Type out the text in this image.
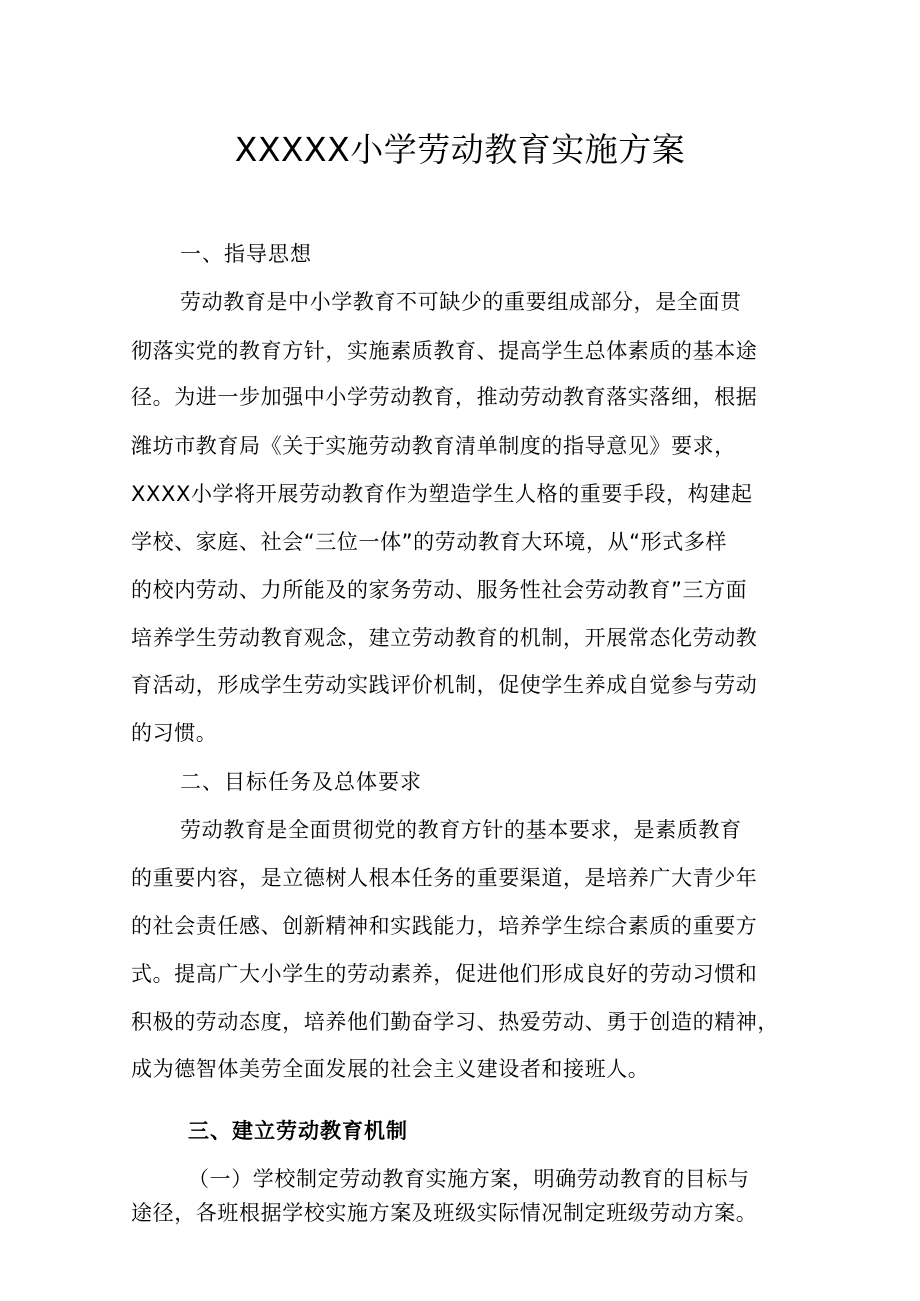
XXXXX小学劳动教育实施方案
一、指导思想
劳动教育是中小学教育不可缺少的重要组成部分，是全面贯
彻落实党的教育方针，实施素质教育、提高学生总体素质的基本途
径。为进一步加强中小学劳动教育，推动劳动教育落实落细，根据
潍坊市教育局《关于实施劳动教育清单制度的指导意见》要求，
XXXX小学将开展劳动教育作为塑造学生人格的重要手段，构建起
学校、家庭、社会“三位一体”的劳动教育大环境，从“形式多样
的校内劳动、力所能及的家务劳动、服务性社会劳动教育”三方面
培养学生劳动教育观念，建立劳动教育的机制，开展常态化劳动教
育活动，形成学生劳动实践评价机制，促使学生养成自觉参与劳动
的习惯。
二、目标任务及总体要求
劳动教育是全面贯彻党的教育方针的基本要求，是素质教育
的重要内容，是立德树人根本任务的重要渠道，是培养广大青少年
的社会责任感、创新精神和实践能力，培养学生综合素质的重要方
式。提高广大小学生的劳动素养，促进他们形成良好的劳动习惯和
积极的劳动态度，培养他们勤奋学习、热爱劳动、勇于创造的精神，
成为德智体美劳全面发展的社会主义建设者和接班人。
三、建立劳动教育机制
（一）学校制定劳动教育实施方案，明确劳动教育的目标与
途径，各班根据学校实施方案及班级实际情况制定班级劳动方案。
